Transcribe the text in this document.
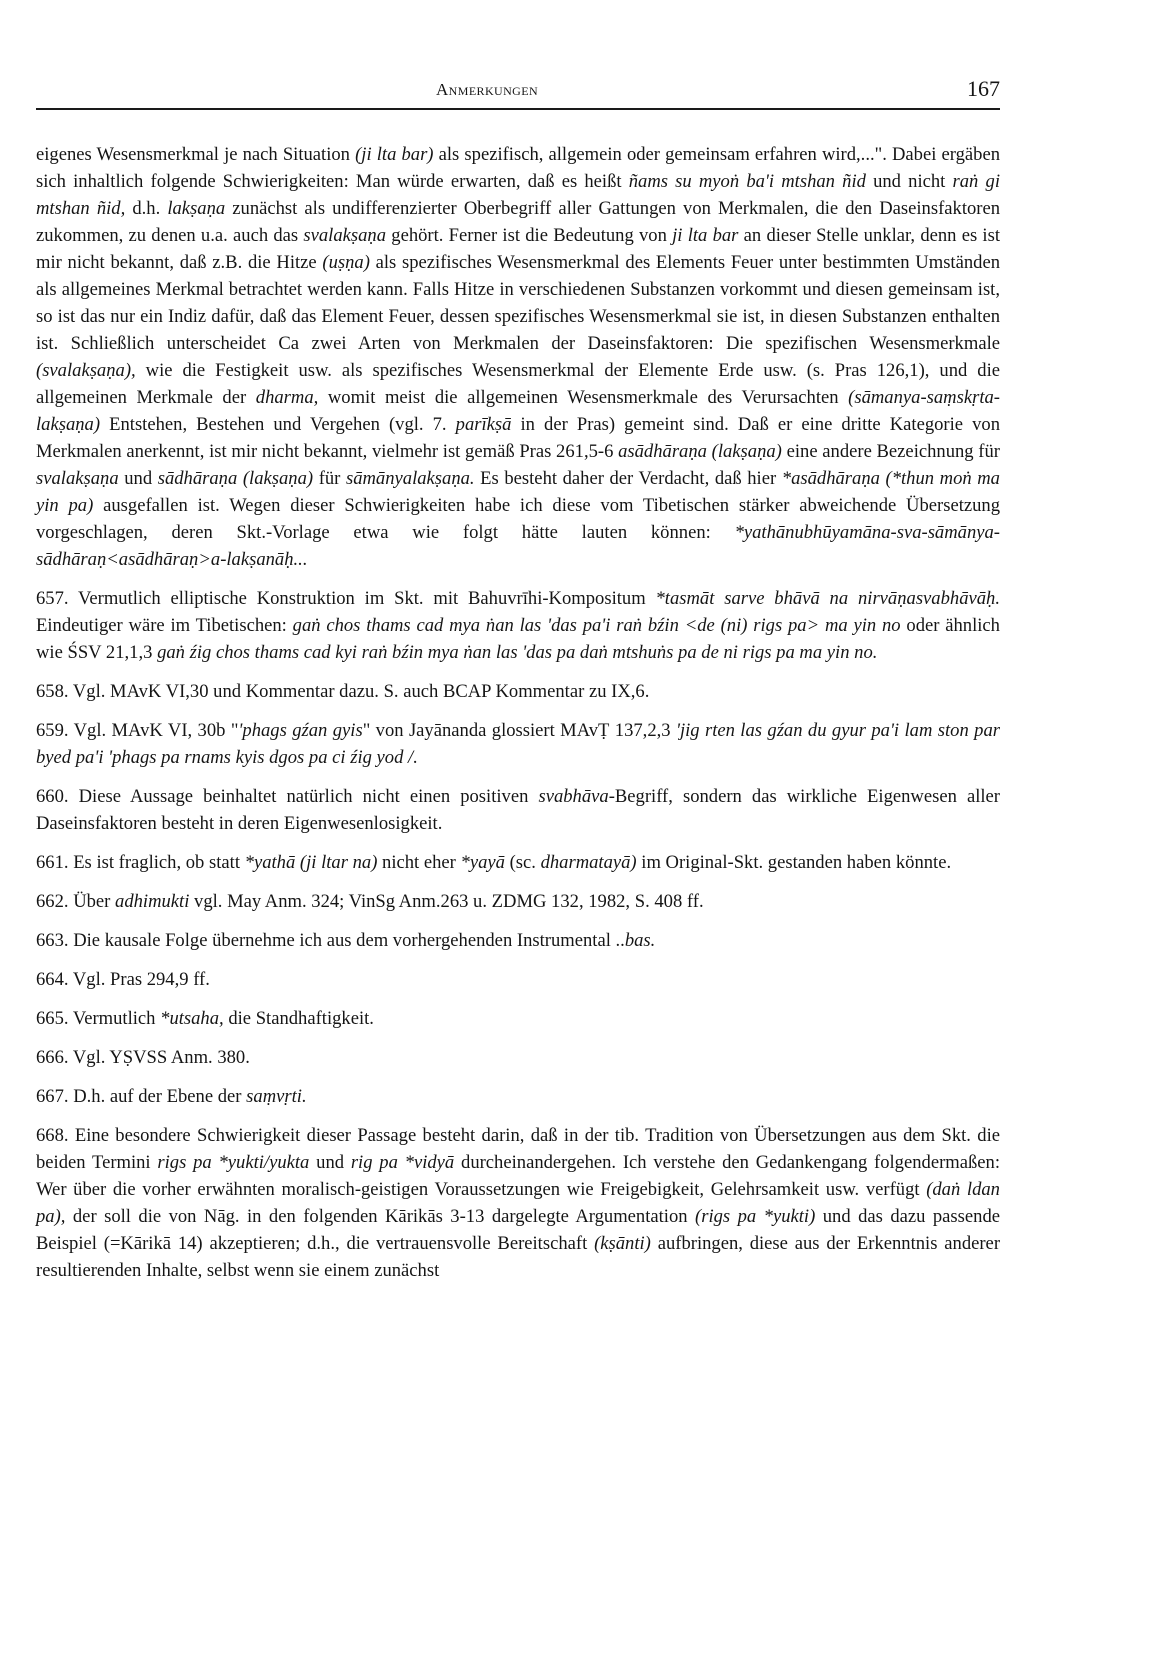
Anmerkungen	167

eigenes Wesensmerkmal je nach Situation (ji lta bar) als spezifisch, allgemein oder gemeinsam erfahren wird,...". Dabei ergäben sich inhaltlich folgende Schwierigkeiten: Man würde erwarten, daß es heißt ñams su myoṅ ba'i mtshan ñid und nicht raṅ gi mtshan ñid, d.h. lakṣaṇa zunächst als undifferenzierter Oberbegriff aller Gattungen von Merkmalen, die den Daseinsfaktoren zukommen, zu denen u.a. auch das svalakṣaṇa gehört. Ferner ist die Bedeutung von ji lta bar an dieser Stelle unklar, denn es ist mir nicht bekannt, daß z.B. die Hitze (uṣṇa) als spezifisches Wesensmerkmal des Elements Feuer unter bestimmten Umständen als allgemeines Merkmal betrachtet werden kann. Falls Hitze in verschiedenen Substanzen vorkommt und diesen gemeinsam ist, so ist das nur ein Indiz dafür, daß das Element Feuer, dessen spezifisches Wesensmerkmal sie ist, in diesen Substanzen enthalten ist. Schließlich unterscheidet Ca zwei Arten von Merkmalen der Daseinsfaktoren: Die spezifischen Wesensmerkmale (svalakṣaṇa), wie die Festigkeit usw. als spezifisches Wesensmerkmal der Elemente Erde usw. (s. Pras 126,1), und die allgemeinen Merkmale der dharma, womit meist die allgemeinen Wesensmerkmale des Verursachten (sāmanya-saṃskṛta-lakṣaṇa) Entstehen, Bestehen und Vergehen (vgl. 7. parīkṣā in der Pras) gemeint sind. Daß er eine dritte Kategorie von Merkmalen anerkennt, ist mir nicht bekannt, vielmehr ist gemäß Pras 261,5-6 asādhāraṇa (lakṣaṇa) eine andere Bezeichnung für svalakṣaṇa und sādhāraṇa (lakṣaṇa) für sāmānyalakṣaṇa. Es besteht daher der Verdacht, daß hier *asādhāraṇa (*thun moṅ ma yin pa) ausgefallen ist. Wegen dieser Schwierigkeiten habe ich diese vom Tibetischen stärker abweichende Übersetzung vorgeschlagen, deren Skt.-Vorlage etwa wie folgt hätte lauten können: *yathānubhūyamāna-sva-sāmānya-sādhāraṇ<asādhāraṇ>a-lakṣanāḥ...

657. Vermutlich elliptische Konstruktion im Skt. mit Bahuvrīhi-Kompositum *tasmāt sarve bhāvā na nirvāṇasvabhāvāḥ. Eindeutiger wäre im Tibetischen: gaṅ chos thams cad mya ṅan las 'das pa'i raṅ bźin <de (ni) rigs pa> ma yin no oder ähnlich wie ŚSV 21,1,3 gaṅ źig chos thams cad kyi raṅ bźin mya ṅan las 'das pa daṅ mtshuṅs pa de ni rigs pa ma yin no.

658. Vgl. MAvK VI,30 und Kommentar dazu. S. auch BCAP Kommentar zu IX,6.

659. Vgl. MAvK VI, 30b "'phags gźan gyis" von Jayānanda glossiert MAvṬ 137,2,3 'jig rten las gźan du gyur pa'i lam ston par byed pa'i 'phags pa rnams kyis dgos pa ci źig yod /.

660. Diese Aussage beinhaltet natürlich nicht einen positiven svabhāva-Begriff, sondern das wirkliche Eigenwesen aller Daseinsfaktoren besteht in deren Eigenwesenlosigkeit.

661. Es ist fraglich, ob statt *yathā (ji ltar na) nicht eher *yayā (sc. dharmatayā) im Original-Skt. gestanden haben könnte.

662. Über adhimukti vgl. May Anm. 324; VinSg Anm.263 u. ZDMG 132, 1982, S. 408 ff.

663. Die kausale Folge übernehme ich aus dem vorhergehenden Instrumental ..bas.

664. Vgl. Pras 294,9 ff.

665. Vermutlich *utsaha, die Standhaftigkeit.

666. Vgl. YṢVSS Anm. 380.

667. D.h. auf der Ebene der saṃvṛti.

668. Eine besondere Schwierigkeit dieser Passage besteht darin, daß in der tib. Tradition von Übersetzungen aus dem Skt. die beiden Termini rigs pa *yukti/yukta und rig pa *vidyā durcheinandergehen. Ich verstehe den Gedankengang folgendermaßen: Wer über die vorher erwähnten moralisch-geistigen Voraussetzungen wie Freigebigkeit, Gelehrsamkeit usw. verfügt (daṅ ldan pa), der soll die von Nāg. in den folgenden Kārikās 3-13 dargelegte Argumentation (rigs pa *yukti) und das dazu passende Beispiel (=Kārikā 14) akzeptieren; d.h., die vertrauensvolle Bereitschaft (kṣānti) aufbringen, diese aus der Erkenntnis anderer resultierenden Inhalte, selbst wenn sie einem zunächst
